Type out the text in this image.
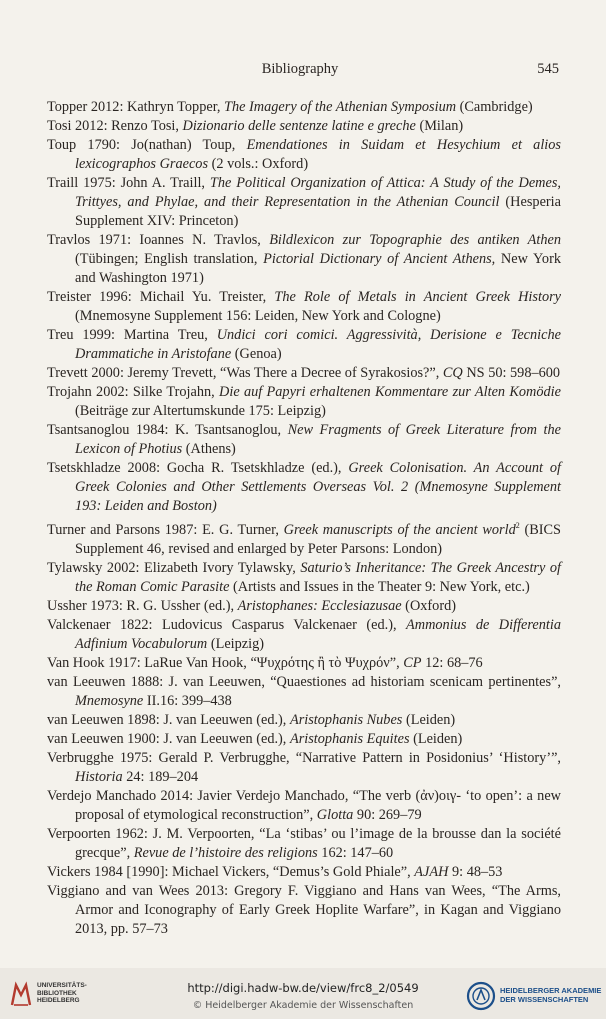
Bibliography	545

Topper 2012: Kathryn Topper, The Imagery of the Athenian Symposium (Cambridge)

Tosi 2012: Renzo Tosi, Dizionario delle sentenze latine e greche (Milan)

Toup 1790: Jo(nathan) Toup, Emendationes in Suidam et Hesychium et alios lexicographos Graecos (2 vols.: Oxford)

Traill 1975: John A. Traill, The Political Organization of Attica: A Study of the Demes, Trittyes, and Phylae, and their Representation in the Athenian Council (Hesperia Supplement XIV: Princeton)

Travlos 1971: Ioannes N. Travlos, Bildlexicon zur Topographie des antiken Athen (Tübingen; English translation, Pictorial Dictionary of Ancient Athens, New York and Washington 1971)

Treister 1996: Michail Yu. Treister, The Role of Metals in Ancient Greek History (Mnemosyne Supplement 156: Leiden, New York and Cologne)

Treu 1999: Martina Treu, Undici cori comici. Aggressività, Derisione e Tecniche Drammatiche in Aristofane (Genoa)

Trevett 2000: Jeremy Trevett, “Was There a Decree of Syrakosios?”, CQ NS 50: 598–600

Trojahn 2002: Silke Trojahn, Die auf Papyri erhaltenen Kommentare zur Alten Komödie (Beiträge zur Altertumskunde 175: Leipzig)

Tsantsanoglou 1984: K. Tsantsanoglou, New Fragments of Greek Literature from the Lexicon of Photius (Athens)

Tsetskhladze 2008: Gocha R. Tsetskhladze (ed.), Greek Colonisation. An Account of Greek Colonies and Other Settlements Overseas Vol. 2 (Mnemosyne Supplement 193: Leiden and Boston)

Turner and Parsons 1987: E. G. Turner, Greek manuscripts of the ancient world$^2$ (BICS Supplement 46, revised and enlarged by Peter Parsons: London)

Tylawsky 2002: Elizabeth Ivory Tylawsky, Saturio’s Inheritance: The Greek Ancestry of the Roman Comic Parasite (Artists and Issues in the Theater 9: New York, etc.)

Ussher 1973: R. G. Ussher (ed.), Aristophanes: Ecclesiazusae (Oxford)

Valckenaer 1822: Ludovicus Casparus Valckenaer (ed.), Ammonius de Differentia Adfinium Vocabulorum (Leipzig)

Van Hook 1917: LaRue Van Hook, “Ψυχρότης ἢ τὸ Ψυχρόν”, CP 12: 68–76

van Leeuwen 1888: J. van Leeuwen, “Quaestiones ad historiam scenicam pertinentes”, Mnemosyne II.16: 399–438

van Leeuwen 1898: J. van Leeuwen (ed.), Aristophanis Nubes (Leiden)

van Leeuwen 1900: J. van Leeuwen (ed.), Aristophanis Equites (Leiden)

Verbrugghe 1975: Gerald P. Verbrugghe, “Narrative Pattern in Posidonius’ ‘History’”, Historia 24: 189–204

Verdejo Manchado 2014: Javier Verdejo Manchado, “The verb (ἀν)οιγ- ‘to open’: a new proposal of etymological reconstruction”, Glotta 90: 269–79

Verpoorten 1962: J. M. Verpoorten, “La ‘stibas’ ou l’image de la brousse dan la société grecque”, Revue de l’histoire des religions 162: 147–60

Vickers 1984 [1990]: Michael Vickers, “Demus’s Gold Phiale”, AJAH 9: 48–53

Viggiano and van Wees 2013: Gregory F. Viggiano and Hans van Wees, “The Arms, Armor and Iconography of Early Greek Hoplite Warfare”, in Kagan and Viggiano 2013, pp. 57–73

UNIVERSITÄTS-
BIBLIOTHEK
HEIDELBERG
http://digi.hadw-bw.de/view/frc8_2/0549
© Heidelberger Akademie der Wissenschaften
HEIDELBERGER AKADEMIE
DER WISSENSCHAFTEN
